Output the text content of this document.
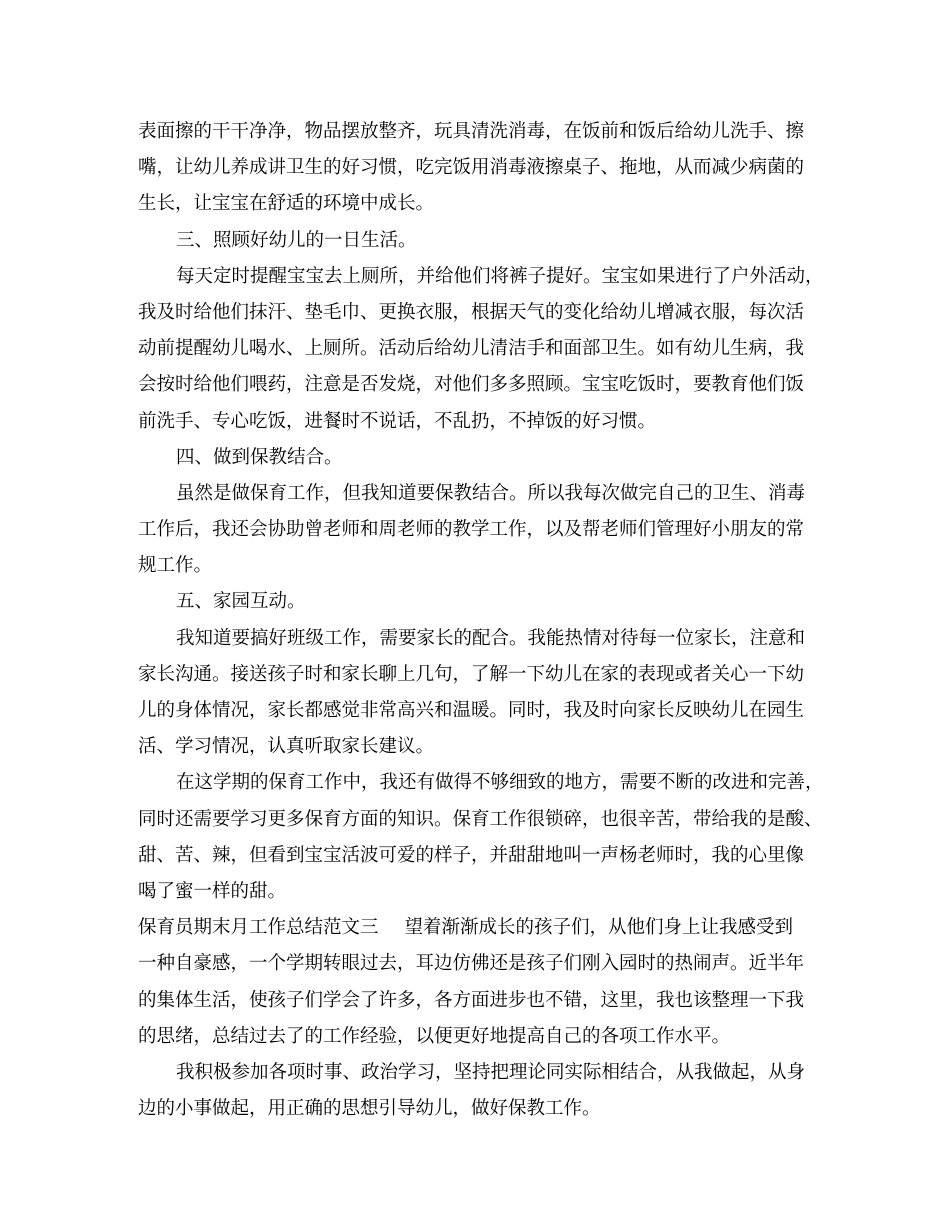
表面擦的干干净净，物品摆放整齐，玩具清洗消毒，在饭前和饭后给幼儿洗手、擦
嘴，让幼儿养成讲卫生的好习惯，吃完饭用消毒液擦桌子、拖地，从而减少病菌的
生长，让宝宝在舒适的环境中成长。
三、照顾好幼儿的一日生活。
每天定时提醒宝宝去上厕所，并给他们将裤子提好。宝宝如果进行了户外活动，
我及时给他们抹汗、垫毛巾、更换衣服，根据天气的变化给幼儿增减衣服，每次活
动前提醒幼儿喝水、上厕所。活动后给幼儿清洁手和面部卫生。如有幼儿生病，我
会按时给他们喂药，注意是否发烧，对他们多多照顾。宝宝吃饭时，要教育他们饭
前洗手、专心吃饭，进餐时不说话，不乱扔，不掉饭的好习惯。
四、做到保教结合。
虽然是做保育工作，但我知道要保教结合。所以我每次做完自己的卫生、消毒
工作后，我还会协助曾老师和周老师的教学工作，以及帮老师们管理好小朋友的常
规工作。
五、家园互动。
我知道要搞好班级工作，需要家长的配合。我能热情对待每一位家长，注意和
家长沟通。接送孩子时和家长聊上几句，了解一下幼儿在家的表现或者关心一下幼
儿的身体情况，家长都感觉非常高兴和温暖。同时，我及时向家长反映幼儿在园生
活、学习情况，认真听取家长建议。
在这学期的保育工作中，我还有做得不够细致的地方，需要不断的改进和完善，
同时还需要学习更多保育方面的知识。保育工作很锁碎，也很辛苦，带给我的是酸、
甜、苦、辣，但看到宝宝活波可爱的样子，并甜甜地叫一声杨老师时，我的心里像
喝了蜜一样的甜。
保育员期末月工作总结范文三 望着渐渐成长的孩子们，从他们身上让我感受到
一种自豪感，一个学期转眼过去，耳边仿佛还是孩子们刚入园时的热闹声。近半年
的集体生活，使孩子们学会了许多，各方面进步也不错，这里，我也该整理一下我
的思绪，总结过去了的工作经验，以便更好地提高自己的各项工作水平。
我积极参加各项时事、政治学习，坚持把理论同实际相结合，从我做起，从身
边的小事做起，用正确的思想引导幼儿，做好保教工作。
